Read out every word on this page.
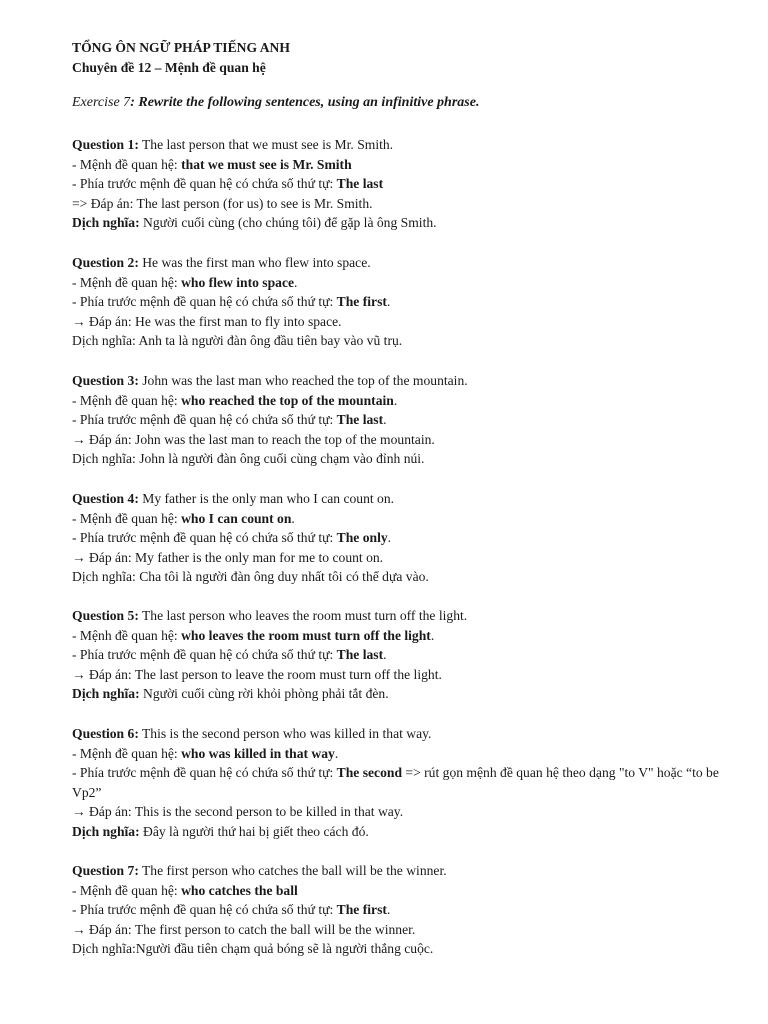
TỔNG ÔN NGỮ PHÁP TIẾNG ANH
Chuyên đề 12 – Mệnh đề quan hệ
Exercise 7: Rewrite the following sentences, using an infinitive phrase.

Question 1: The last person that we must see is Mr. Smith.

- Mệnh đề quan hệ: that we must see is Mr. Smith

- Phía trước mệnh đề quan hệ có chứa số thứ tự: The last

=> Đáp án: The last person (for us) to see is Mr. Smith.

Dịch nghĩa: Người cuối cùng (cho chúng tôi) để gặp là ông Smith.

Question 2: He was the first man who flew into space.

- Mệnh đề quan hệ: who flew into space.

- Phía trước mệnh đề quan hệ có chứa số thứ tự: The first.

→ Đáp án: He was the first man to fly into space.

Dịch nghĩa: Anh ta là người đàn ông đầu tiên bay vào vũ trụ.

Question 3: John was the last man who reached the top of the mountain.

- Mệnh đề quan hệ: who reached the top of the mountain.

- Phía trước mệnh đề quan hệ có chứa số thứ tự: The last.

→ Đáp án: John was the last man to reach the top of the mountain.

Dịch nghĩa: John là người đàn ông cuối cùng chạm vào đỉnh núi.

Question 4: My father is the only man who I can count on.

- Mệnh đề quan hệ: who I can count on.

- Phía trước mệnh đề quan hệ có chứa số thứ tự: The only.

→ Đáp án: My father is the only man for me to count on.

Dịch nghĩa: Cha tôi là người đàn ông duy nhất tôi có thể dựa vào.

Question 5: The last person who leaves the room must turn off the light.

- Mệnh đề quan hệ: who leaves the room must turn off the light.

- Phía trước mệnh đề quan hệ có chứa số thứ tự: The last.

→ Đáp án: The last person to leave the room must turn off the light.

Dịch nghĩa: Người cuối cùng rời khỏi phòng phải tắt đèn.

Question 6: This is the second person who was killed in that way.

- Mệnh đề quan hệ: who was killed in that way.

- Phía trước mệnh đề quan hệ có chứa số thứ tự: The second => rút gọn mệnh đề quan hệ theo dạng "to V" hoặc “to be Vp2”

→ Đáp án: This is the second person to be killed in that way.

Dịch nghĩa: Đây là người thứ hai bị giết theo cách đó.

Question 7: The first person who catches the ball will be the winner.

- Mệnh đề quan hệ: who catches the ball

- Phía trước mệnh đề quan hệ có chứa số thứ tự: The first.

→ Đáp án: The first person to catch the ball will be the winner.

Dịch nghĩa:Người đầu tiên chạm quả bóng sẽ là người thắng cuộc.
